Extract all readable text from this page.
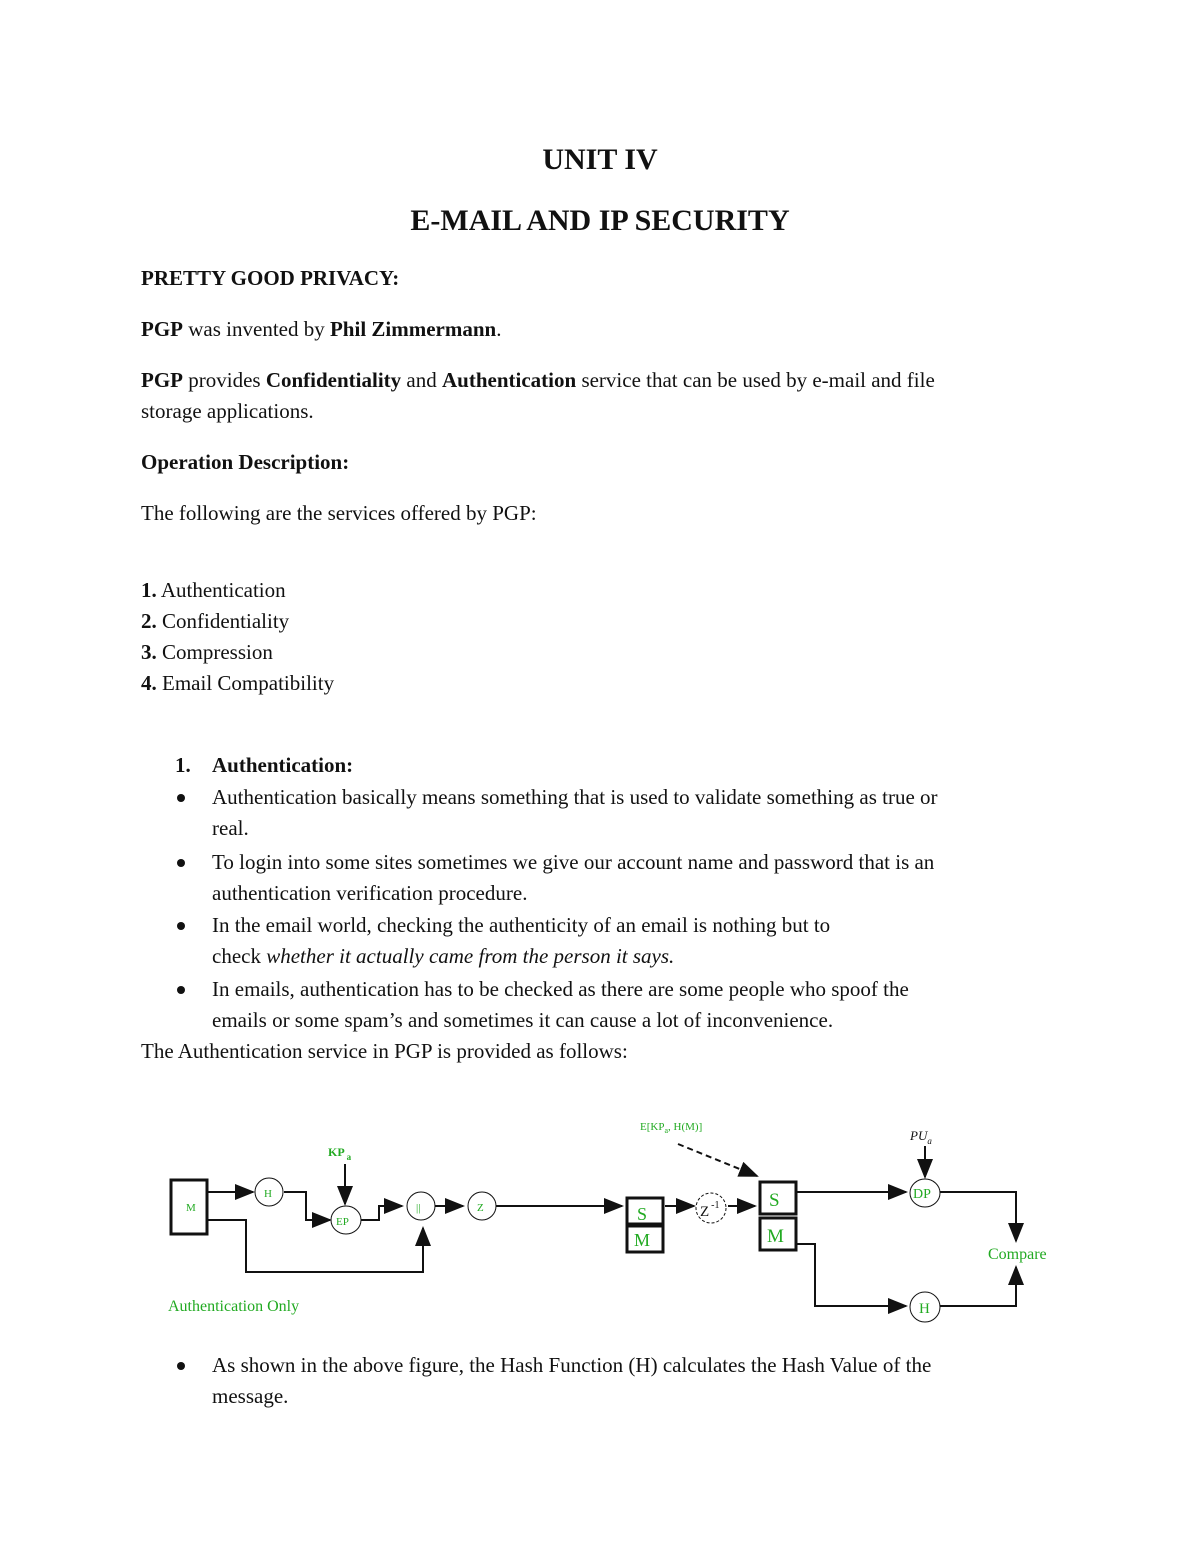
UNIT IV
E-MAIL AND IP SECURITY
PRETTY GOOD PRIVACY:
PGP was invented by Phil Zimmermann.
PGP provides Confidentiality and Authentication service that can be used by e-mail and file
storage applications.
Operation Description:
The following are the services offered by PGP:
1. Authentication
2. Confidentiality
3. Compression
4. Email Compatibility
1. Authentication:
Authentication basically means something that is used to validate something as true or
real.
To login into some sites sometimes we give our account name and password that is an
authentication verification procedure.
In the email world, checking the authenticity of an email is nothing but to
check whether it actually came from the person it says.
In emails, authentication has to be checked as there are some people who spoof the
emails or some spam’s and sometimes it can cause a lot of inconvenience.
The Authentication service in PGP is provided as follows:
M
H
KP $_a$
EP
||	Z	S
M
Z $^{-1}$
$E[KP_a$, H(M)]
S
M
$PU_a$
DP
Compare
H
Authentication Only
As shown in the above figure, the Hash Function (H) calculates the Hash Value of the
message.
